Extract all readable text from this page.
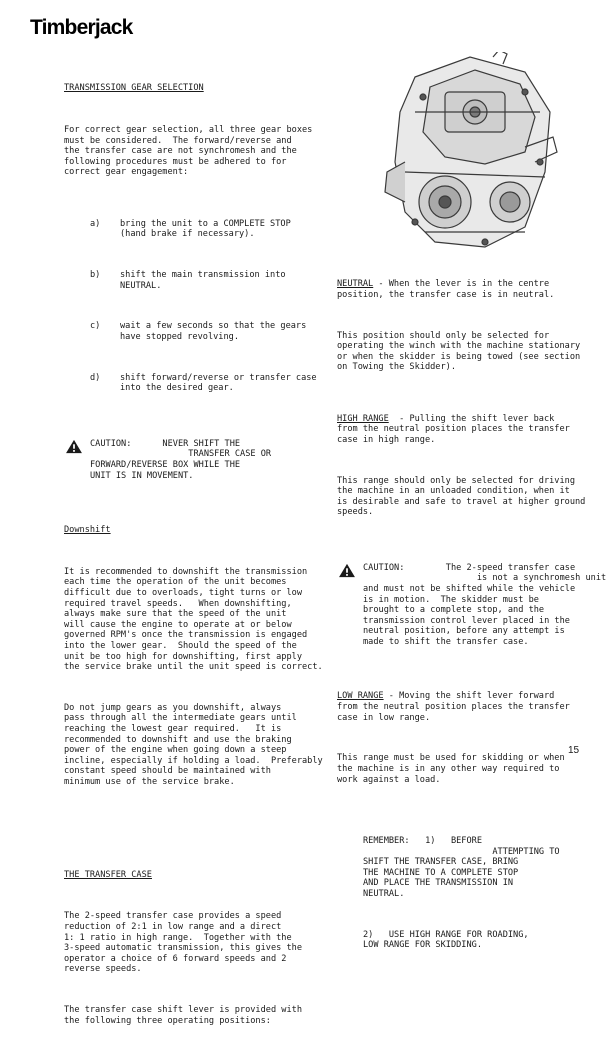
Timberjack

TRANSMISSION GEAR SELECTION

For correct gear selection, all three gear boxes
must be considered.  The forward/reverse and
the transfer case are not synchromesh and the
following procedures must be adhered to for
correct gear engagement:

a)	bring the unit to a COMPLETE STOP
(hand brake if necessary).

b)	shift the main transmission into
NEUTRAL.

c)	wait a few seconds so that the gears
have stopped revolving.

d)	shift forward/reverse or transfer case
into the desired gear.

CAUTION:      NEVER SHIFT THE
TRANSFER CASE OR
FORWARD/REVERSE BOX WHILE THE
UNIT IS IN MOVEMENT.

Downshift

It is recommended to downshift the transmission
each time the operation of the unit becomes
difficult due to overloads, tight turns or low
required travel speeds.   When downshifting,
always make sure that the speed of the unit
will cause the engine to operate at or below
governed RPM's once the transmission is engaged
into the lower gear.  Should the speed of the
unit be too high for downshifting, first apply
the service brake until the unit speed is correct.

Do not jump gears as you downshift, always
pass through all the intermediate gears until
reaching the lowest gear required.   It is
recommended to downshift and use the braking
power of the engine when going down a steep
incline, especially if holding a load.  Preferably
constant speed should be maintained with
minimum use of the service brake.

THE TRANSFER CASE

The 2-speed transfer case provides a speed
reduction of 2:1 in low range and a direct
1: 1 ratio in high range.  Together with the
3-speed automatic transmission, this gives the
operator a choice of 6 forward speeds and 2
reverse speeds.

The transfer case shift lever is provided with
the following three operating positions:

NEUTRAL - When the lever is in the centre
position, the transfer case is in neutral.

This position should only be selected for
operating the winch with the machine stationary
or when the skidder is being towed (see section
on Towing the Skidder).

HIGH RANGE  - Pulling the shift lever back
from the neutral position places the transfer
case in high range.

This range should only be selected for driving
the machine in an unloaded condition, when it
is desirable and safe to travel at higher ground
speeds.

CAUTION:        The 2-speed transfer case
is not a synchromesh unit
and must not be shifted while the vehicle
is in motion.  The skidder must be
brought to a complete stop, and the
transmission control lever placed in the
neutral position, before any attempt is
made to shift the transfer case.

LOW RANGE - Moving the shift lever forward
from the neutral position places the transfer
case in low range.

This range must be used for skidding or when
the machine is in any other way required to
work against a load.

REMEMBER:   1)   BEFORE
ATTEMPTING TO
SHIFT THE TRANSFER CASE, BRING
THE MACHINE TO A COMPLETE STOP
AND PLACE THE TRANSMISSION IN
NEUTRAL.

2)   USE HIGH RANGE FOR ROADING,
LOW RANGE FOR SKIDDING.

15
